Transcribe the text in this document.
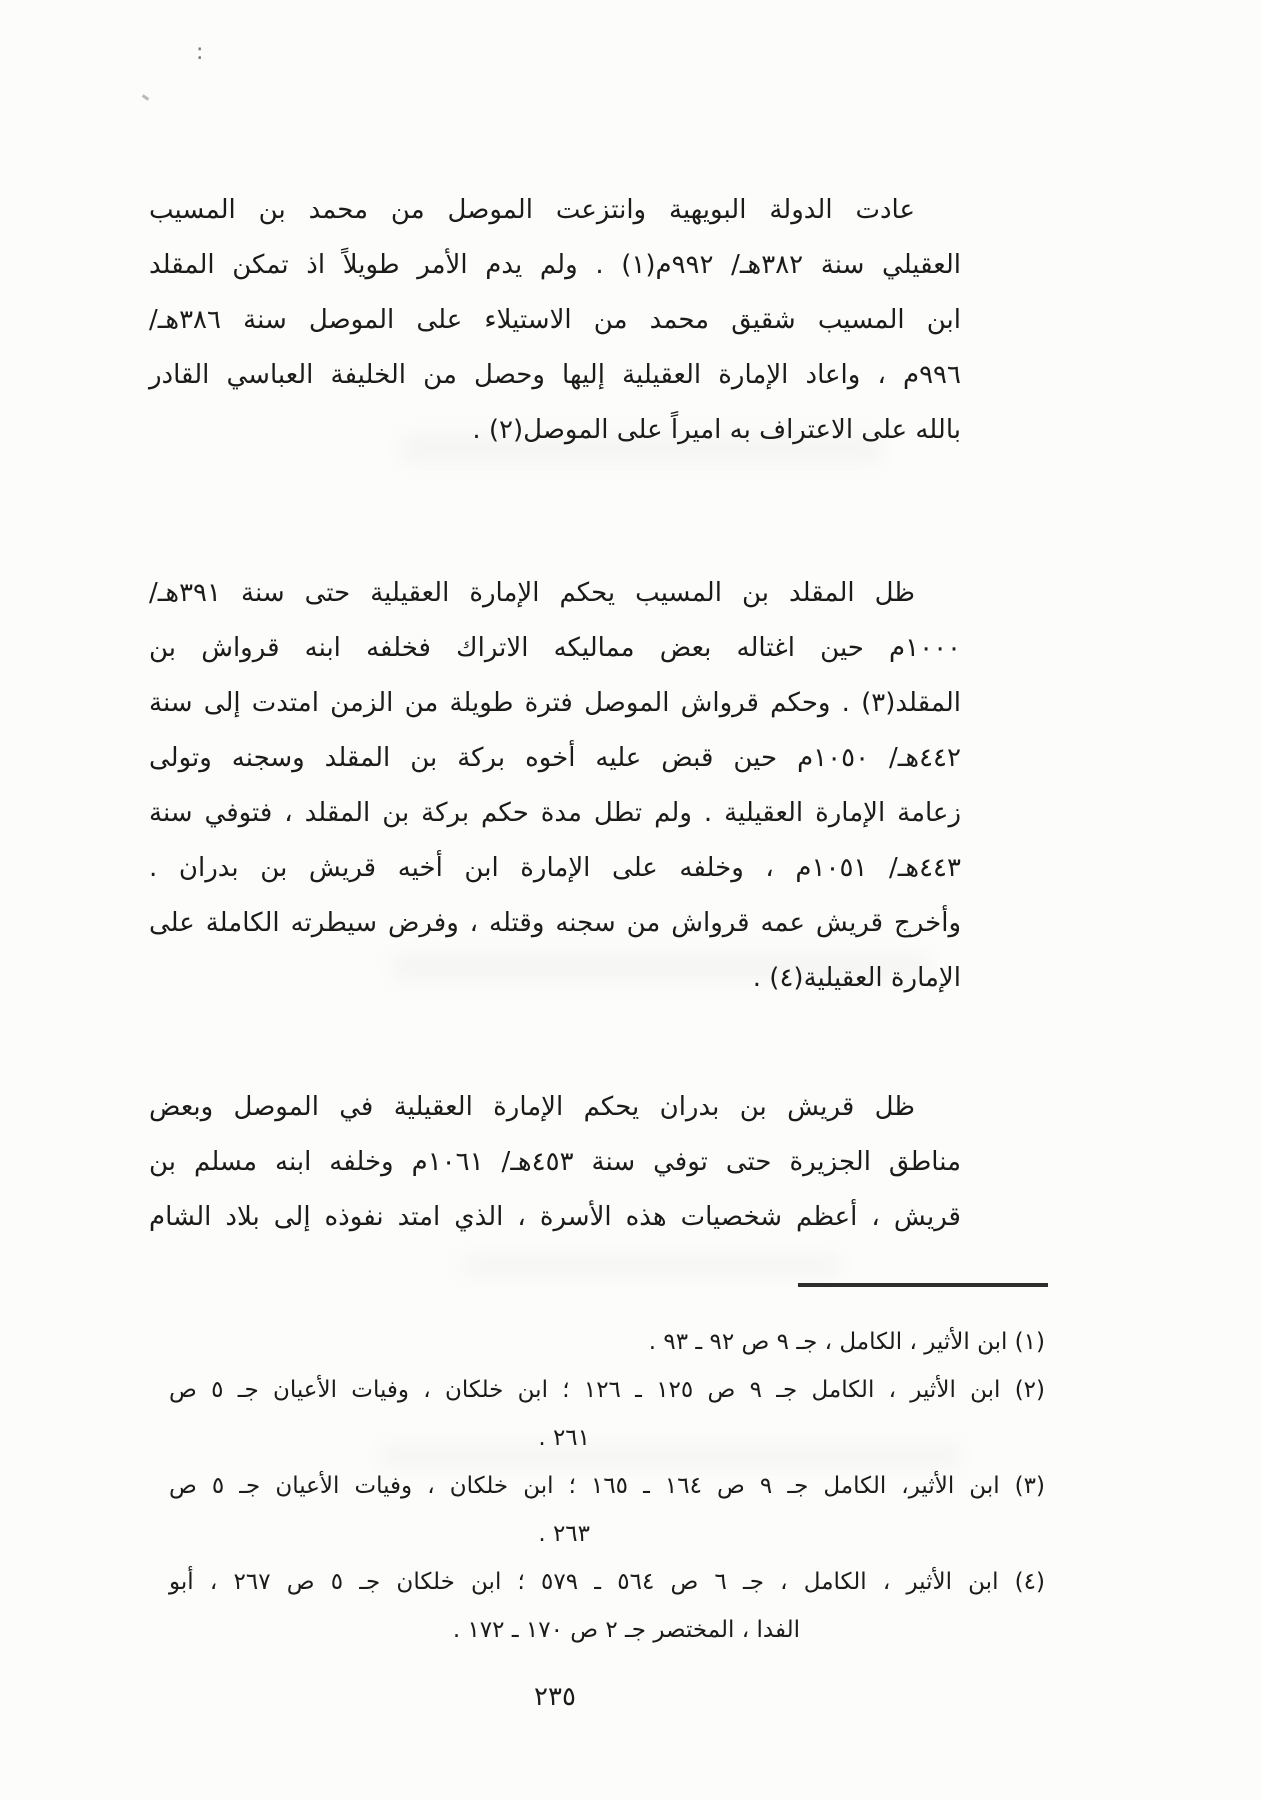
:
عادت الدولة البويهية وانتزعت الموصل من محمد بن المسيب
العقيلي سنة ٣٨٢هـ/ ٩٩٢م(١) . ولم يدم الأمر طويلاً اذ تمكن المقلد
ابن المسيب شقيق محمد من الاستيلاء على الموصل سنة ٣٨٦هـ/
٩٩٦م ، واعاد الإمارة العقيلية إليها وحصل من الخليفة العباسي القادر
بالله على الاعتراف به اميراً على الموصل(٢) .
ظل المقلد بن المسيب يحكم الإمارة العقيلية حتى سنة ٣٩١هـ/
١٠٠٠م حين اغتاله بعض مماليكه الاتراك فخلفه ابنه قرواش بن
المقلد(٣) . وحكم قرواش الموصل فترة طويلة من الزمن امتدت إلى سنة
٤٤٢هـ/ ١٠٥٠م حين قبض عليه أخوه بركة بن المقلد وسجنه وتولى
زعامة الإمارة العقيلية . ولم تطل مدة حكم بركة بن المقلد ، فتوفي سنة
٤٤٣هـ/ ١٠٥١م ، وخلفه على الإمارة ابن أخيه قريش بن بدران .
وأخرج قريش عمه قرواش من سجنه وقتله ، وفرض سيطرته الكاملة على
الإمارة العقيلية(٤) .
ظل قريش بن بدران يحكم الإمارة العقيلية في الموصل وبعض
مناطق الجزيرة حتى توفي سنة ٤٥٣هـ/ ١٠٦١م وخلفه ابنه مسلم بن
قريش ، أعظم شخصيات هذه الأسرة ، الذي امتد نفوذه إلى بلاد الشام
(١) ابن الأثير ، الكامل ، جـ ٩ ص ٩٢ ـ ٩٣ .
(٢) ابن الأثير ، الكامل جـ ٩ ص ١٢٥ ـ ١٢٦ ؛ ابن خلكان ، وفيات الأعيان جـ ٥ ص
٢٦١ .
(٣) ابن الأثير، الكامل جـ ٩ ص ١٦٤ ـ ١٦٥ ؛ ابن خلكان ، وفيات الأعيان جـ ٥ ص
٢٦٣ .
(٤) ابن الأثير ، الكامل ، جـ ٦ ص ٥٦٤ ـ ٥٧٩ ؛ ابن خلكان جـ ٥ ص ٢٦٧ ، أبو
الفدا ، المختصر جـ ٢ ص ١٧٠ ـ ١٧٢ .
٢٣٥
